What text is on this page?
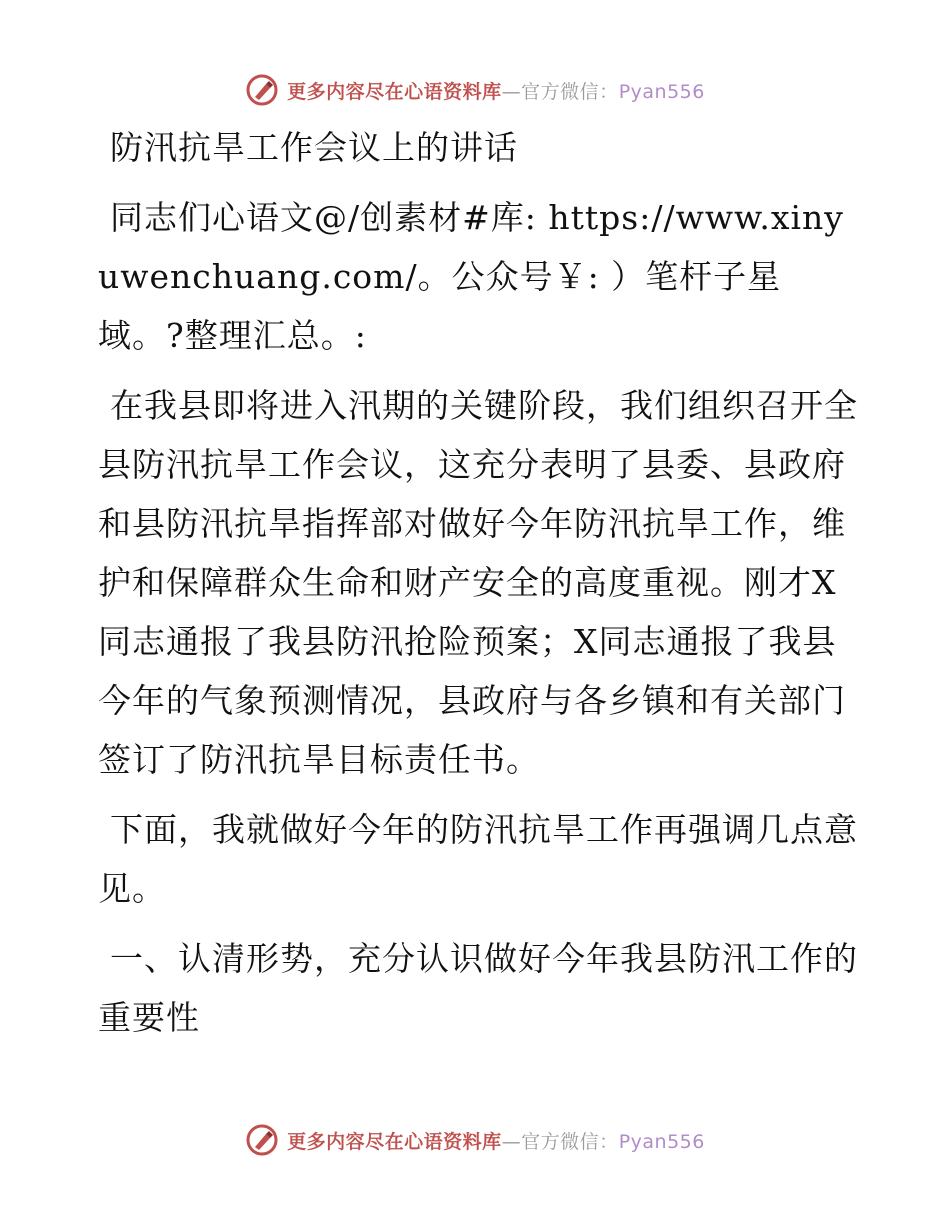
更多内容尽在心语资料库—官方微信：Pyan556

防汛抗旱工作会议上的讲话

同志们心语文@/创素材#库: https://www.xinyuwenchuang.com/。公众号￥: ）笔杆子星域。?整理汇总。:

在我县即将进入汛期的关键阶段，我们组织召开全县防汛抗旱工作会议，这充分表明了县委、县政府和县防汛抗旱指挥部对做好今年防汛抗旱工作，维护和保障群众生命和财产安全的高度重视。刚才X同志通报了我县防汛抢险预案；X同志通报了我县今年的气象预测情况，县政府与各乡镇和有关部门签订了防汛抗旱目标责任书。

下面，我就做好今年的防汛抗旱工作再强调几点意见。

一、认清形势，充分认识做好今年我县防汛工作的重要性

更多内容尽在心语资料库—官方微信：Pyan556
